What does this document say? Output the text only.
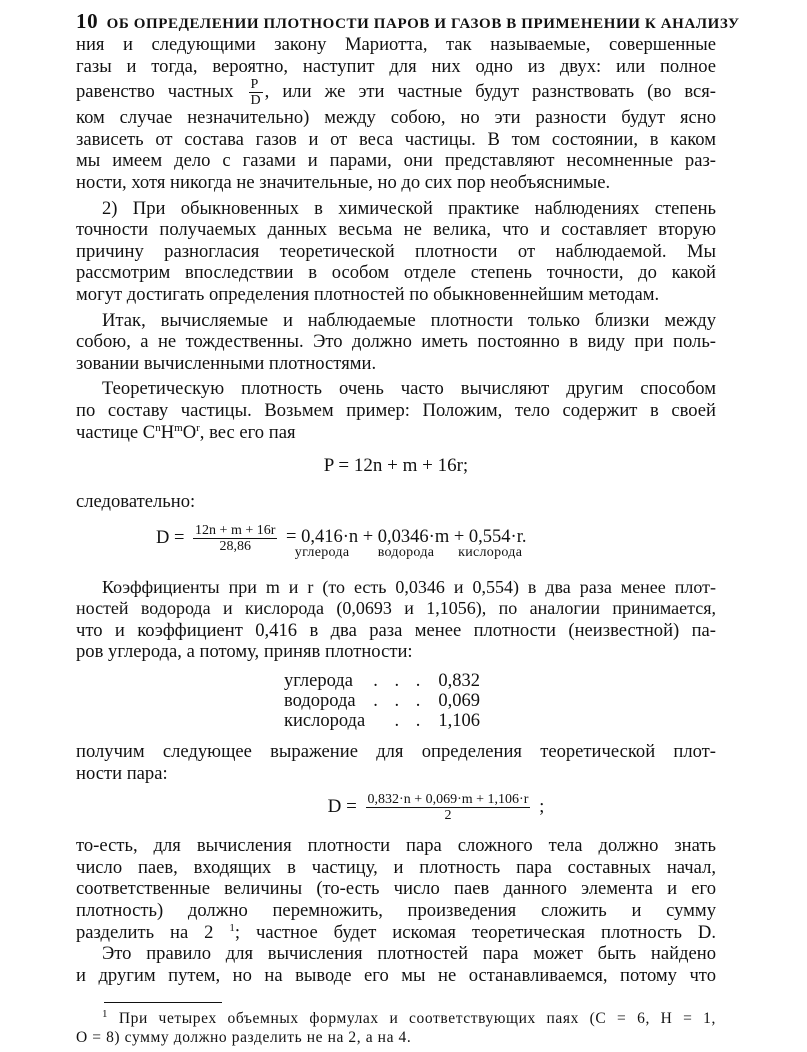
10 ОБ ОПРЕДЕЛЕНИИ ПЛОТНОСТИ ПАРОВ И ГАЗОВ В ПРИМЕНЕНИИ К АНАЛИЗУ
ния и следующими закону Мариотта, так называемые, совершенные
газы и тогда, вероятно, наступит для них одно из двух: или полное
равенство частных $\frac{P}{D}$ , или же эти частные будут разнствовать (во вся-
ком случае незначительно) между собою, но эти разности будут ясно
зависеть от состава газов и от веса частицы. В том состоянии, в каком
мы имеем дело с газами и парами, они представляют несомненные раз-
ности, хотя никогда не значительные, но до сих пор необъяснимые.
2) При обыкновенных в химической практике наблюдениях степень
точности получаемых данных весьма не велика, что и составляет вторую
причину разногласия теоретической плотности от наблюдаемой. Мы
рассмотрим впоследствии в особом отделе степень точности, до какой
могут достигать определения плотностей по обыкновеннейшим методам.
Итак, вычисляемые и наблюдаемые плотности только близки между
собою, а не тождественны. Это должно иметь постоянно в виду при поль-
зовании вычисленными плотностями.
Теоретическую плотность очень часто вычисляют другим способом
по составу частицы. Возьмем пример: Положим, тело содержит в своей
частице $C^nH^mO^r$, вес его пая
P = 12n + m + 16r;
следовательно:
$D = \frac{12n + m + 16r}{28,86} = 0,416\cdot n$
углерода
+ 0,0346·m
водорода
+ 0,554·r.
кислорода
Коэффициенты при m и r (то есть 0,0346 и 0,554) в два раза менее плот-
ностей водорода и кислорода (0,0693 и 1,1056), по аналогии принимается,
что и коэффициент 0,416 в два раза менее плотности (неизвестной) па-
ров углерода, а потому, приняв плотности:
углерода	. . .	0,832
водорода	. . .	0,069
кислорода	. .	1,106
получим следующее выражение для определения теоретической плот-
ности пара:
$D = \frac{0,832\cdot n + 0,069\cdot m + 1,106\cdot r}{2}$ ;
то-есть, для вычисления плотности пара сложного тела должно знать
число паев, входящих в частицу, и плотность пара составных начал,
соответственные величины (то-есть число паев данного элемента и его
плотность) должно перемножить, произведения сложить и сумму
разделить на 2 $^1$; частное будет искомая теоретическая плотность D.
Это правило для вычисления плотностей пара может быть найдено
и другим путем, но на выводе его мы не останавливаемся, потому что
$^1$ При четырех объемных формулах и соответствующих паях (C = 6, H = 1,
O = 8) сумму должно разделить не на 2, а на 4.
